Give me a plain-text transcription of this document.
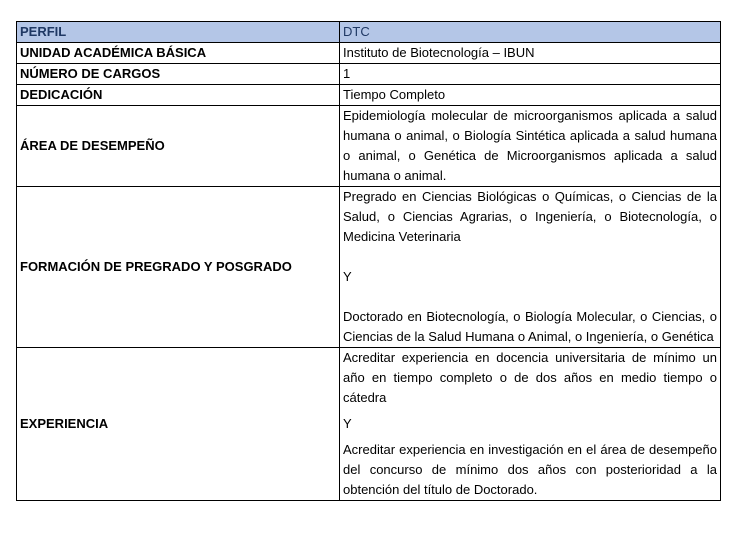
PERFIL	DTC
UNIDAD ACADÉMICA BÁSICA	Instituto de Biotecnología – IBUN
NÚMERO DE CARGOS	1
DEDICACIÓN	Tiempo Completo
ÁREA DE DESEMPEÑO	Epidemiología molecular de microorganismos aplicada a salud humana o animal, o Biología Sintética aplicada a salud humana o animal, o Genética de Microorganismos aplicada a salud humana o animal.

FORMACIÓN DE PREGRADO Y POSGRADO	Pregrado en Ciencias Biológicas o Químicas, o Ciencias de la Salud, o Ciencias Agrarias, o Ingeniería, o Biotecnología, o Medicina Veterinaria

Y

Doctorado en Biotecnología, o Biología Molecular, o Ciencias, o Ciencias de la Salud Humana o Animal, o Ingeniería, o Genética

EXPERIENCIA	Acreditar experiencia en docencia universitaria de mínimo un año en tiempo completo o de dos años en medio tiempo o cátedra

Y

Acreditar experiencia en investigación en el área de desempeño del concurso de mínimo dos años con posterioridad a la obtención del título de Doctorado.
